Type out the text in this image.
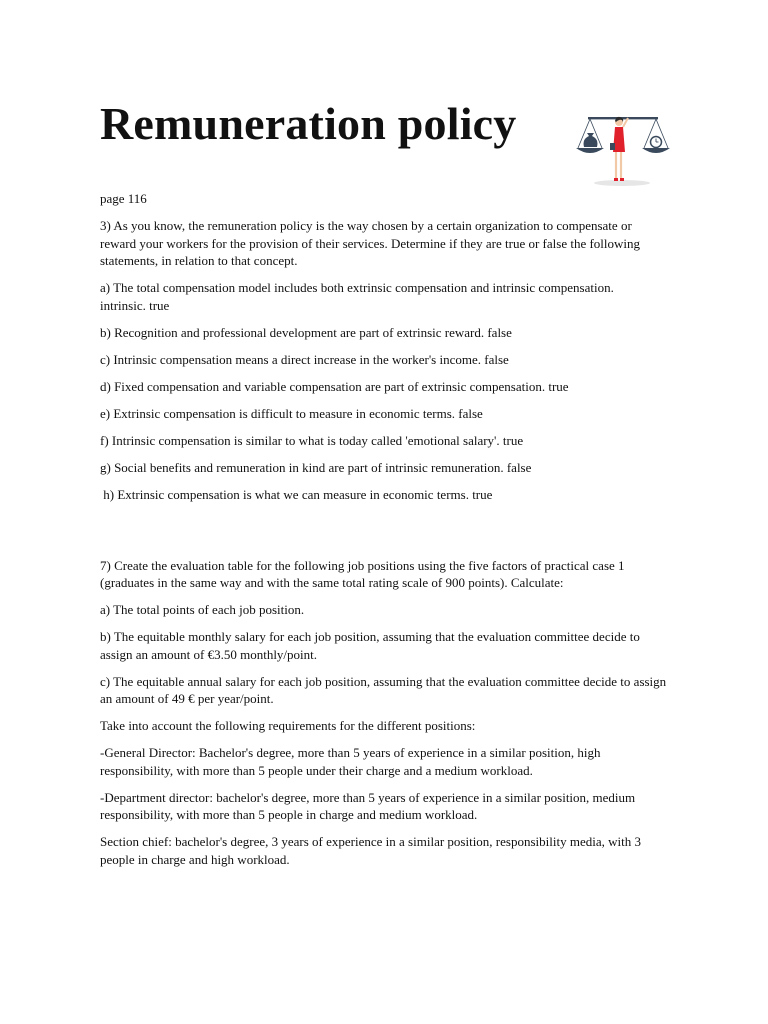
Remuneration policy

page 116

3) As you know, the remuneration policy is the way chosen by a certain organization to compensate or reward your workers for the provision of their services. Determine if they are true or false the following statements, in relation to that concept.

a) The total compensation model includes both extrinsic compensation and intrinsic compensation.
intrinsic. true

b) Recognition and professional development are part of extrinsic reward. false

c) Intrinsic compensation means a direct increase in the worker's income. false

d) Fixed compensation and variable compensation are part of extrinsic compensation. true

e) Extrinsic compensation is difficult to measure in economic terms. false

f) Intrinsic compensation is similar to what is today called 'emotional salary'. true

g) Social benefits and remuneration in kind are part of intrinsic remuneration. false

h) Extrinsic compensation is what we can measure in economic terms. true

7) Create the evaluation table for the following job positions using the five factors of practical case 1 (graduates in the same way and with the same total rating scale of 900 points). Calculate:

a) The total points of each job position.

b) The equitable monthly salary for each job position, assuming that the evaluation committee decide to assign an amount of €3.50 monthly/point.

c) The equitable annual salary for each job position, assuming that the evaluation committee decide to assign an amount of 49 € per year/point.

Take into account the following requirements for the different positions:

-General Director: Bachelor's degree, more than 5 years of experience in a similar position, high responsibility, with more than 5 people under their charge and a medium workload.

-Department director: bachelor's degree, more than 5 years of experience in a similar position, medium responsibility, with more than 5 people in charge and medium workload.

Section chief: bachelor's degree, 3 years of experience in a similar position, responsibility media, with 3 people in charge and high workload.
